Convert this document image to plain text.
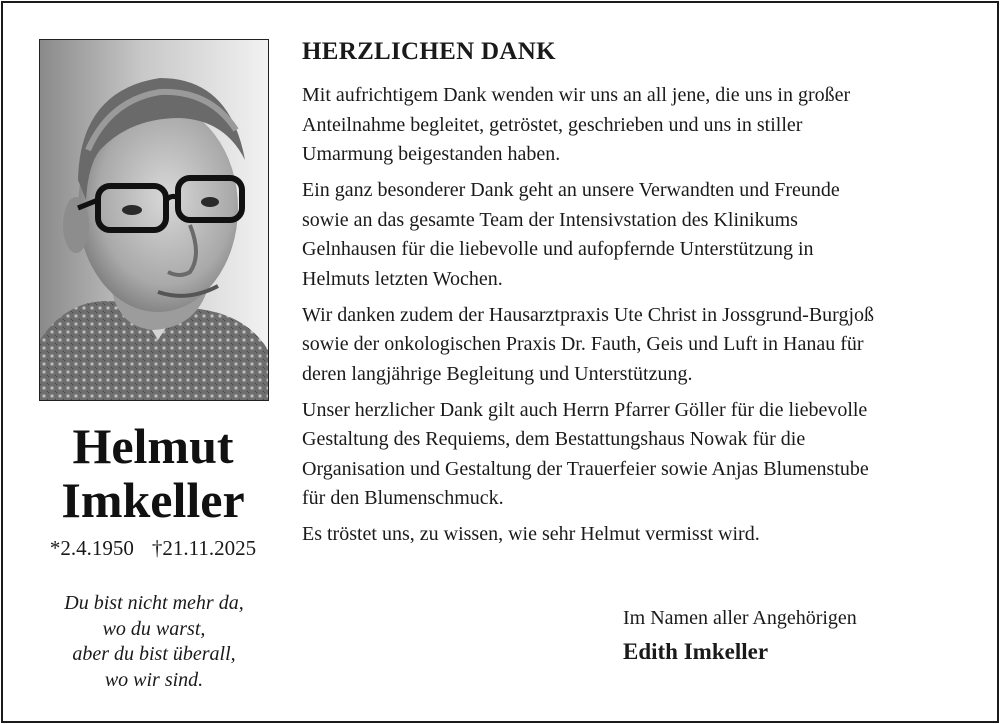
Helmut
Imkeller
*2.4.1950 †21.11.2025
Du bist nicht mehr da,
wo du warst,
aber du bist überall,
wo wir sind.
HERZLICHEN DANK

Mit aufrichtigem Dank wenden wir uns an all jene, die uns in großer
Anteilnahme begleitet, getröstet, geschrieben und uns in stiller
Umarmung beigestanden haben.

Ein ganz besonderer Dank geht an unsere Verwandten und Freunde
sowie an das gesamte Team der Intensivstation des Klinikums
Gelnhausen für die liebevolle und aufopfernde Unterstützung in
Helmuts letzten Wochen.

Wir danken zudem der Hausarztpraxis Ute Christ in Jossgrund-Burgjoß
sowie der onkologischen Praxis Dr. Fauth, Geis und Luft in Hanau für
deren langjährige Begleitung und Unterstützung.

Unser herzlicher Dank gilt auch Herrn Pfarrer Göller für die liebevolle
Gestaltung des Requiems, dem Bestattungshaus Nowak für die
Organisation und Gestaltung der Trauerfeier sowie Anjas Blumenstube
für den Blumenschmuck.

Es tröstet uns, zu wissen, wie sehr Helmut vermisst wird.

Im Namen aller Angehörigen
Edith Imkeller
